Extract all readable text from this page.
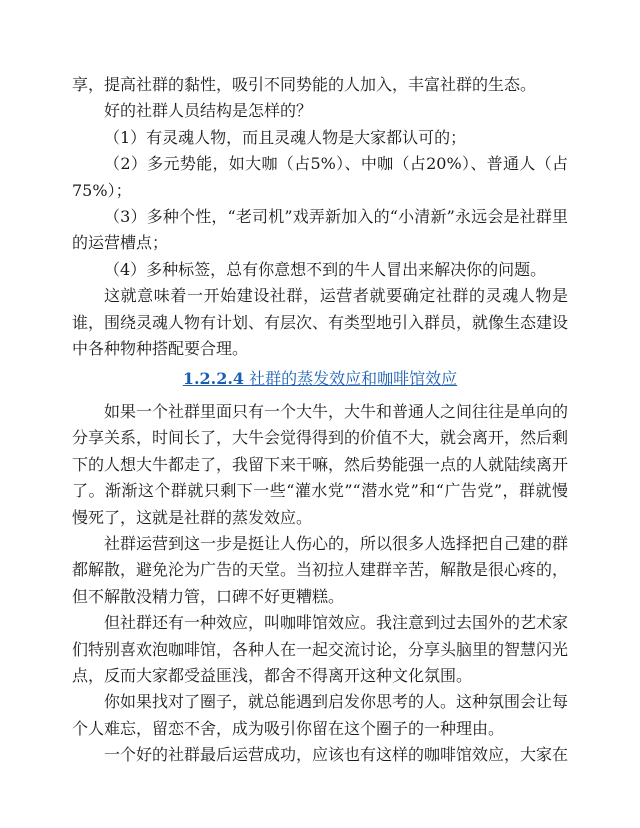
享，提高社群的黏性，吸引不同势能的人加入，丰富社群的生态。

好的社群人员结构是怎样的？

（1）有灵魂人物，而且灵魂人物是大家都认可的；

（2）多元势能，如大咖（占5%）、中咖（占20%）、普通人（占75%）；

（3）多种个性，“老司机”戏弄新加入的“小清新”永远会是社群里的运营槽点；

（4）多种标签，总有你意想不到的牛人冒出来解决你的问题。

这就意味着一开始建设社群，运营者就要确定社群的灵魂人物是谁，围绕灵魂人物有计划、有层次、有类型地引入群员，就像生态建设中各种物种搭配要合理。

1.2.2.4 社群的蒸发效应和咖啡馆效应

如果一个社群里面只有一个大牛，大牛和普通人之间往往是单向的分享关系，时间长了，大牛会觉得得到的价值不大，就会离开，然后剩下的人想大牛都走了，我留下来干嘛，然后势能强一点的人就陆续离开了。渐渐这个群就只剩下一些“灌水党”“潜水党”和“广告党”，群就慢慢死了，这就是社群的蒸发效应。

社群运营到这一步是挺让人伤心的，所以很多人选择把自己建的群都解散，避免沦为广告的天堂。当初拉人建群辛苦，解散是很心疼的，但不解散没精力管，口碑不好更糟糕。

但社群还有一种效应，叫咖啡馆效应。我注意到过去国外的艺术家们特别喜欢泡咖啡馆，各种人在一起交流讨论，分享头脑里的智慧闪光点，反而大家都受益匪浅，都舍不得离开这种文化氛围。

你如果找对了圈子，就总能遇到启发你思考的人。这种氛围会让每个人难忘，留恋不舍，成为吸引你留在这个圈子的一种理由。

一个好的社群最后运营成功，应该也有这样的咖啡馆效应，大家在
